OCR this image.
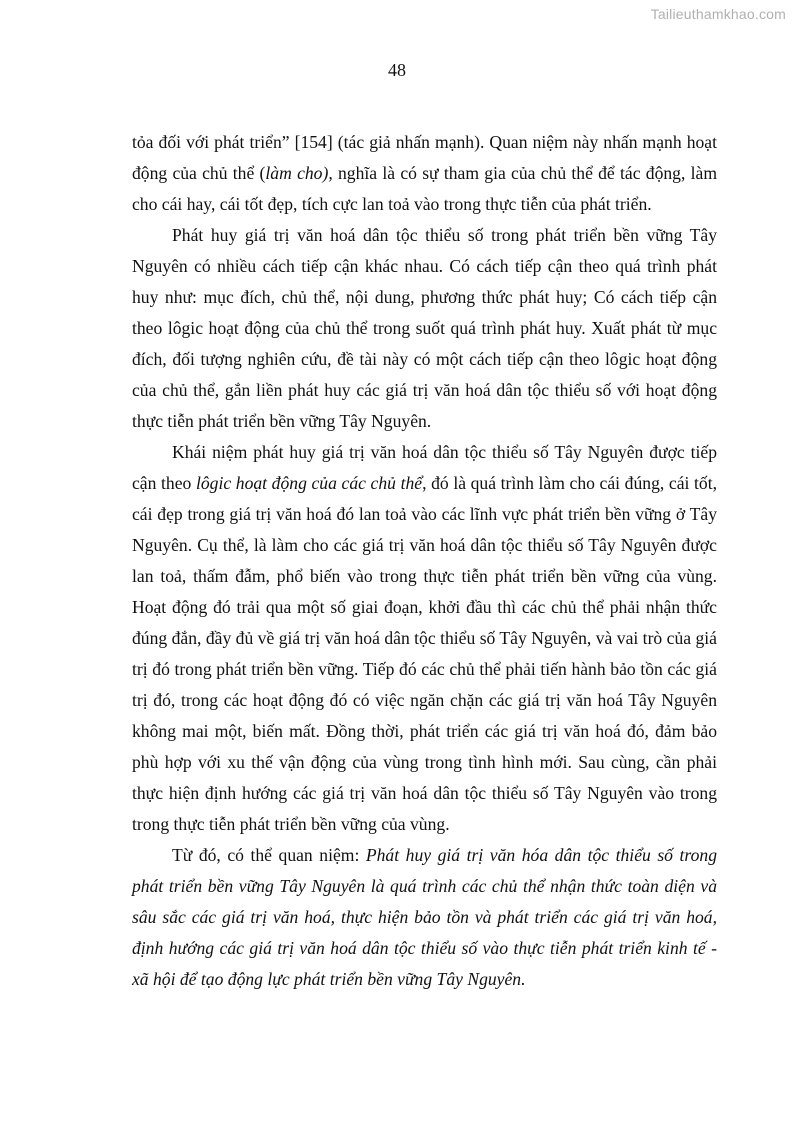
Tailieuthamkhao.com
48

tỏa đối với phát triển” [154] (tác giả nhấn mạnh). Quan niệm này nhấn mạnh hoạt động của chủ thể (làm cho), nghĩa là có sự tham gia của chủ thể để tác động, làm cho cái hay, cái tốt đẹp, tích cực lan toả vào trong thực tiễn của phát triển.

Phát huy giá trị văn hoá dân tộc thiểu số trong phát triển bền vững Tây Nguyên có nhiều cách tiếp cận khác nhau. Có cách tiếp cận theo quá trình phát huy như: mục đích, chủ thể, nội dung, phương thức phát huy; Có cách tiếp cận theo lôgic hoạt động của chủ thể trong suốt quá trình phát huy. Xuất phát từ mục đích, đối tượng nghiên cứu, đề tài này có một cách tiếp cận theo lôgic hoạt động của chủ thể, gắn liền phát huy các giá trị văn hoá dân tộc thiểu số với hoạt động thực tiễn phát triển bền vững Tây Nguyên.

Khái niệm phát huy giá trị văn hoá dân tộc thiểu số Tây Nguyên được tiếp cận theo lôgic hoạt động của các chủ thể, đó là quá trình làm cho cái đúng, cái tốt, cái đẹp trong giá trị văn hoá đó lan toả vào các lĩnh vực phát triển bền vững ở Tây Nguyên. Cụ thể, là làm cho các giá trị văn hoá dân tộc thiểu số Tây Nguyên được lan toả, thấm đẫm, phổ biến vào trong thực tiễn phát triển bền vững của vùng. Hoạt động đó trải qua một số giai đoạn, khởi đầu thì các chủ thể phải nhận thức đúng đắn, đầy đủ về giá trị văn hoá dân tộc thiểu số Tây Nguyên, và vai trò của giá trị đó trong phát triển bền vững. Tiếp đó các chủ thể phải tiến hành bảo tồn các giá trị đó, trong các hoạt động đó có việc ngăn chặn các giá trị văn hoá Tây Nguyên không mai một, biến mất. Đồng thời, phát triển các giá trị văn hoá đó, đảm bảo phù hợp với xu thế vận động của vùng trong tình hình mới. Sau cùng, cần phải thực hiện định hướng các giá trị văn hoá dân tộc thiểu số Tây Nguyên vào trong trong thực tiễn phát triển bền vững của vùng.

Từ đó, có thể quan niệm: Phát huy giá trị văn hóa dân tộc thiểu số trong phát triển bền vững Tây Nguyên là quá trình các chủ thể nhận thức toàn diện và sâu sắc các giá trị văn hoá, thực hiện bảo tồn và phát triển các giá trị văn hoá, định hướng các giá trị văn hoá dân tộc thiểu số vào thực tiễn phát triển kinh tế - xã hội để tạo động lực phát triển bền vững Tây Nguyên.
